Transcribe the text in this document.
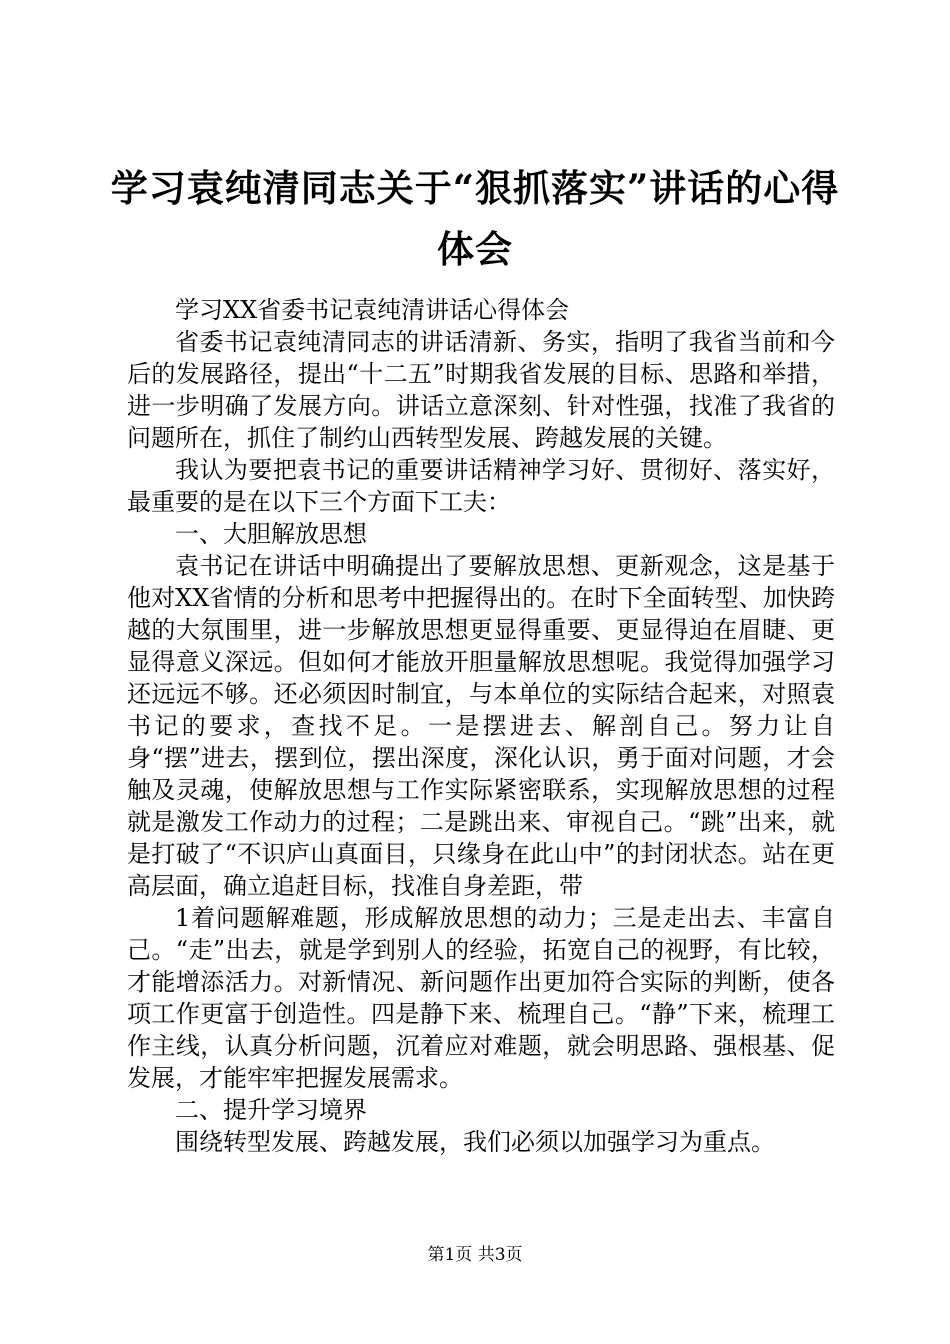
学习袁纯清同志关于“狠抓落实”讲话的心得体会

学习XX省委书记袁纯清讲话心得体会

省委书记袁纯清同志的讲话清新、务实，指明了我省当前和今后的发展路径，提出“十二五”时期我省发展的目标、思路和举措，进一步明确了发展方向。讲话立意深刻、针对性强，找准了我省的问题所在，抓住了制约山西转型发展、跨越发展的关键。

我认为要把袁书记的重要讲话精神学习好、贯彻好、落实好，最重要的是在以下三个方面下工夫：

一、大胆解放思想

袁书记在讲话中明确提出了要解放思想、更新观念，这是基于他对XX省情的分析和思考中把握得出的。在时下全面转型、加快跨越的大氛围里，进一步解放思想更显得重要、更显得迫在眉睫、更显得意义深远。但如何才能放开胆量解放思想呢。我觉得加强学习还远远不够。还必须因时制宜，与本单位的实际结合起来，对照袁书记的要求，查找不足。一是摆进去、解剖自己。努力让自身“摆”进去，摆到位，摆出深度，深化认识，勇于面对问题，才会触及灵魂，使解放思想与工作实际紧密联系，实现解放思想的过程就是激发工作动力的过程；二是跳出来、审视自己。“跳”出来，就是打破了“不识庐山真面目，只缘身在此山中”的封闭状态。站在更高层面，确立追赶目标，找准自身差距，带

1着问题解难题，形成解放思想的动力；三是走出去、丰富自己。“走”出去，就是学到别人的经验，拓宽自己的视野，有比较，才能增添活力。对新情况、新问题作出更加符合实际的判断，使各项工作更富于创造性。四是静下来、梳理自己。“静”下来，梳理工作主线，认真分析问题，沉着应对难题，就会明思路、强根基、促发展，才能牢牢把握发展需求。

二、提升学习境界

围绕转型发展、跨越发展，我们必须以加强学习为重点。

第1页 共3页
